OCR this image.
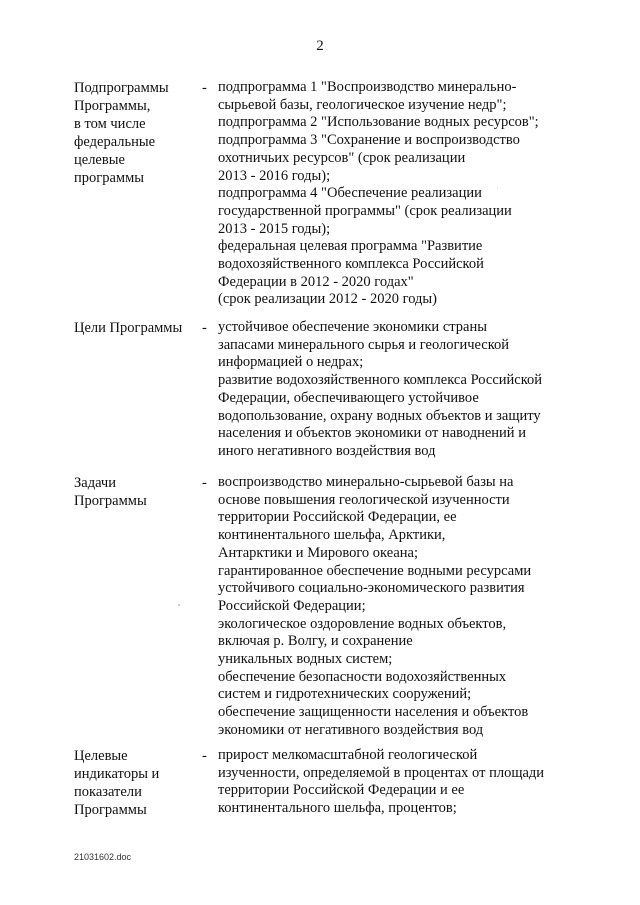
2
Подпрограммы
Программы,
в том числе
федеральные
целевые
программы
- подпрограмма 1 "Воспроизводство минерально-
сырьевой базы, геологическое изучение недр";
подпрограмма 2 "Использование водных ресурсов";
подпрограмма 3 "Сохранение и воспроизводство
охотничьих ресурсов" (срок реализации
2013 - 2016 годы);
подпрограмма 4 "Обеспечение реализации
государственной программы" (срок реализации
2013 - 2015 годы);
федеральная целевая программа "Развитие
водохозяйственного комплекса Российской
Федерации в 2012 - 2020 годах"
(срок реализации 2012 - 2020 годы)
Цели Программы	- устойчивое обеспечение экономики страны
запасами минерального сырья и геологической
информацией о недрах;
развитие водохозяйственного комплекса Российской
Федерации, обеспечивающего устойчивое
водопользование, охрану водных объектов и защиту
населения и объектов экономики от наводнений и
иного негативного воздействия вод
Задачи
Программы
- воспроизводство минерально-сырьевой базы на
основе повышения геологической изученности
территории Российской Федерации, ее
континентального шельфа, Арктики,
Антарктики и Мирового океана;
гарантированное обеспечение водными ресурсами
устойчивого социально-экономического развития
Российской Федерации;
экологическое оздоровление водных объектов,
включая р. Волгу, и сохранение
уникальных водных систем;
обеспечение безопасности водохозяйственных
систем и гидротехнических сооружений;
обеспечение защищенности населения и объектов
экономики от негативного воздействия вод
Целевые
индикаторы и
показатели
Программы
- прирост мелкомасштабной геологической
изученности, определяемой в процентах от площади
территории Российской Федерации и ее
континентального шельфа, процентов;
21031602.doc
